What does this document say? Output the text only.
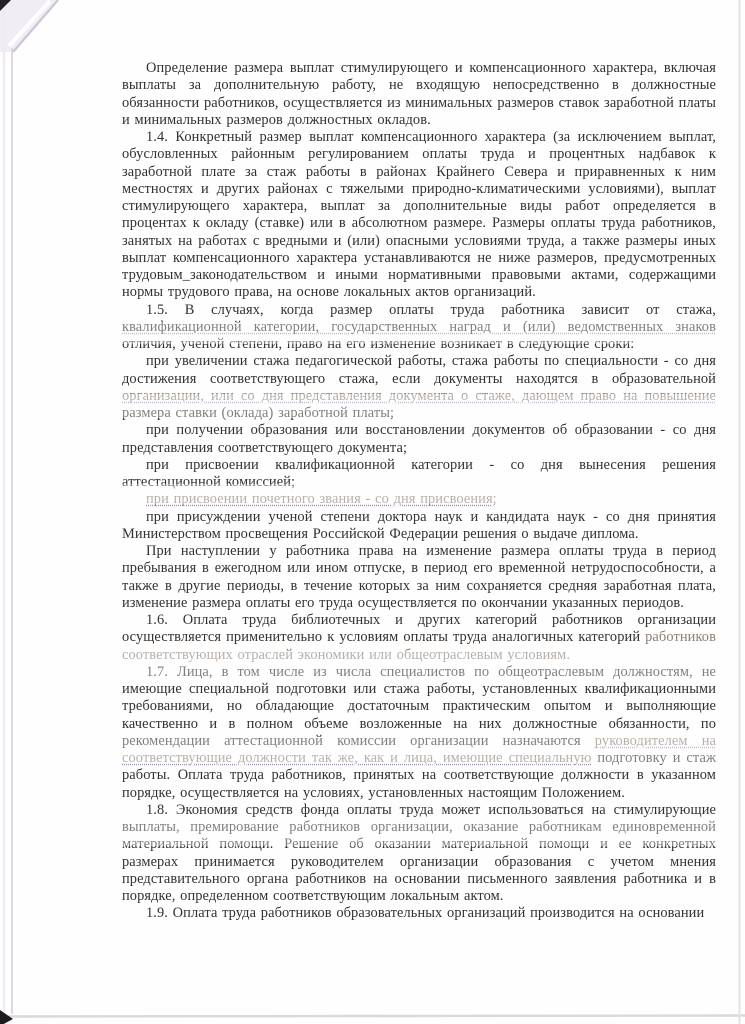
Определение размера выплат стимулирующего и компенсационного характера, включая выплаты за дополнительную работу, не входящую непосредственно в должностные обязанности работников, осуществляется из минимальных размеров ставок заработной платы и минимальных размеров должностных окладов.

1.4. Конкретный размер выплат компенсационного характера (за исключением выплат, обусловленных районным регулированием оплаты труда и процентных надбавок к заработной плате за стаж работы в районах Крайнего Севера и приравненных к ним местностях и других районах с тяжелыми природно-климатическими условиями), выплат стимулирующего характера, выплат за дополнительные виды работ определяется в процентах к окладу (ставке) или в абсолютном размере. Размеры оплаты труда работников, занятых на работах с вредными и (или) опасными условиями труда, а также размеры иных выплат компенсационного характера устанавливаются не ниже размеров, предусмотренных трудовым_законодательством и иными нормативными правовыми актами, содержащими нормы трудового права, на основе локальных актов организаций.

1.5. В случаях, когда размер оплаты труда работника зависит от стажа, квалификационной категории, государственных наград и (или) ведомственных знаков отличия, ученой степени, право на его изменение возникает в следующие сроки:

при увеличении стажа педагогической работы, стажа работы по специальности - со дня достижения соответствующего стажа, если документы находятся в образовательной организации, или со дня представления документа о стаже, дающем право на повышение размера ставки (оклада) заработной платы;

при получении образования или восстановлении документов об образовании - со дня представления соответствующего документа;

при присвоении квалификационной категории - со дня вынесения решения аттестационной комиссией;

при присвоении почетного звания - со дня присвоения;

при присуждении ученой степени доктора наук и кандидата наук - со дня принятия Министерством просвещения Российской Федерации решения о выдаче диплома.

При наступлении у работника права на изменение размера оплаты труда в период пребывания в ежегодном или ином отпуске, в период его временной нетрудоспособности, а также в другие периоды, в течение которых за ним сохраняется средняя заработная плата, изменение размера оплаты его труда осуществляется по окончании указанных периодов.

1.6. Оплата труда библиотечных и других категорий работников организации осуществляется применительно к условиям оплаты труда аналогичных категорий работников соответствующих отраслей экономики или общеотраслевым условиям.

1.7. Лица, в том числе из числа специалистов по общеотраслевым должностям, не имеющие специальной подготовки или стажа работы, установленных квалификационными требованиями, но обладающие достаточным практическим опытом и выполняющие качественно и в полном объеме возложенные на них должностные обязанности, по рекомендации аттестационной комиссии организации назначаются руководителем на соответствующие должности так же, как и лица, имеющие специальную подготовку и стаж работы. Оплата труда работников, принятых на соответствующие должности в указанном порядке, осуществляется на условиях, установленных настоящим Положением.

1.8. Экономия средств фонда оплаты труда может использоваться на стимулирующие выплаты, премирование работников организации, оказание работникам единовременной материальной помощи. Решение об оказании материальной помощи и ее конкретных размерах принимается руководителем организации образования с учетом мнения представительного органа работников на основании письменного заявления работника и в порядке, определенном соответствующим локальным актом.

1.9. Оплата труда работников образовательных организаций производится на основании
